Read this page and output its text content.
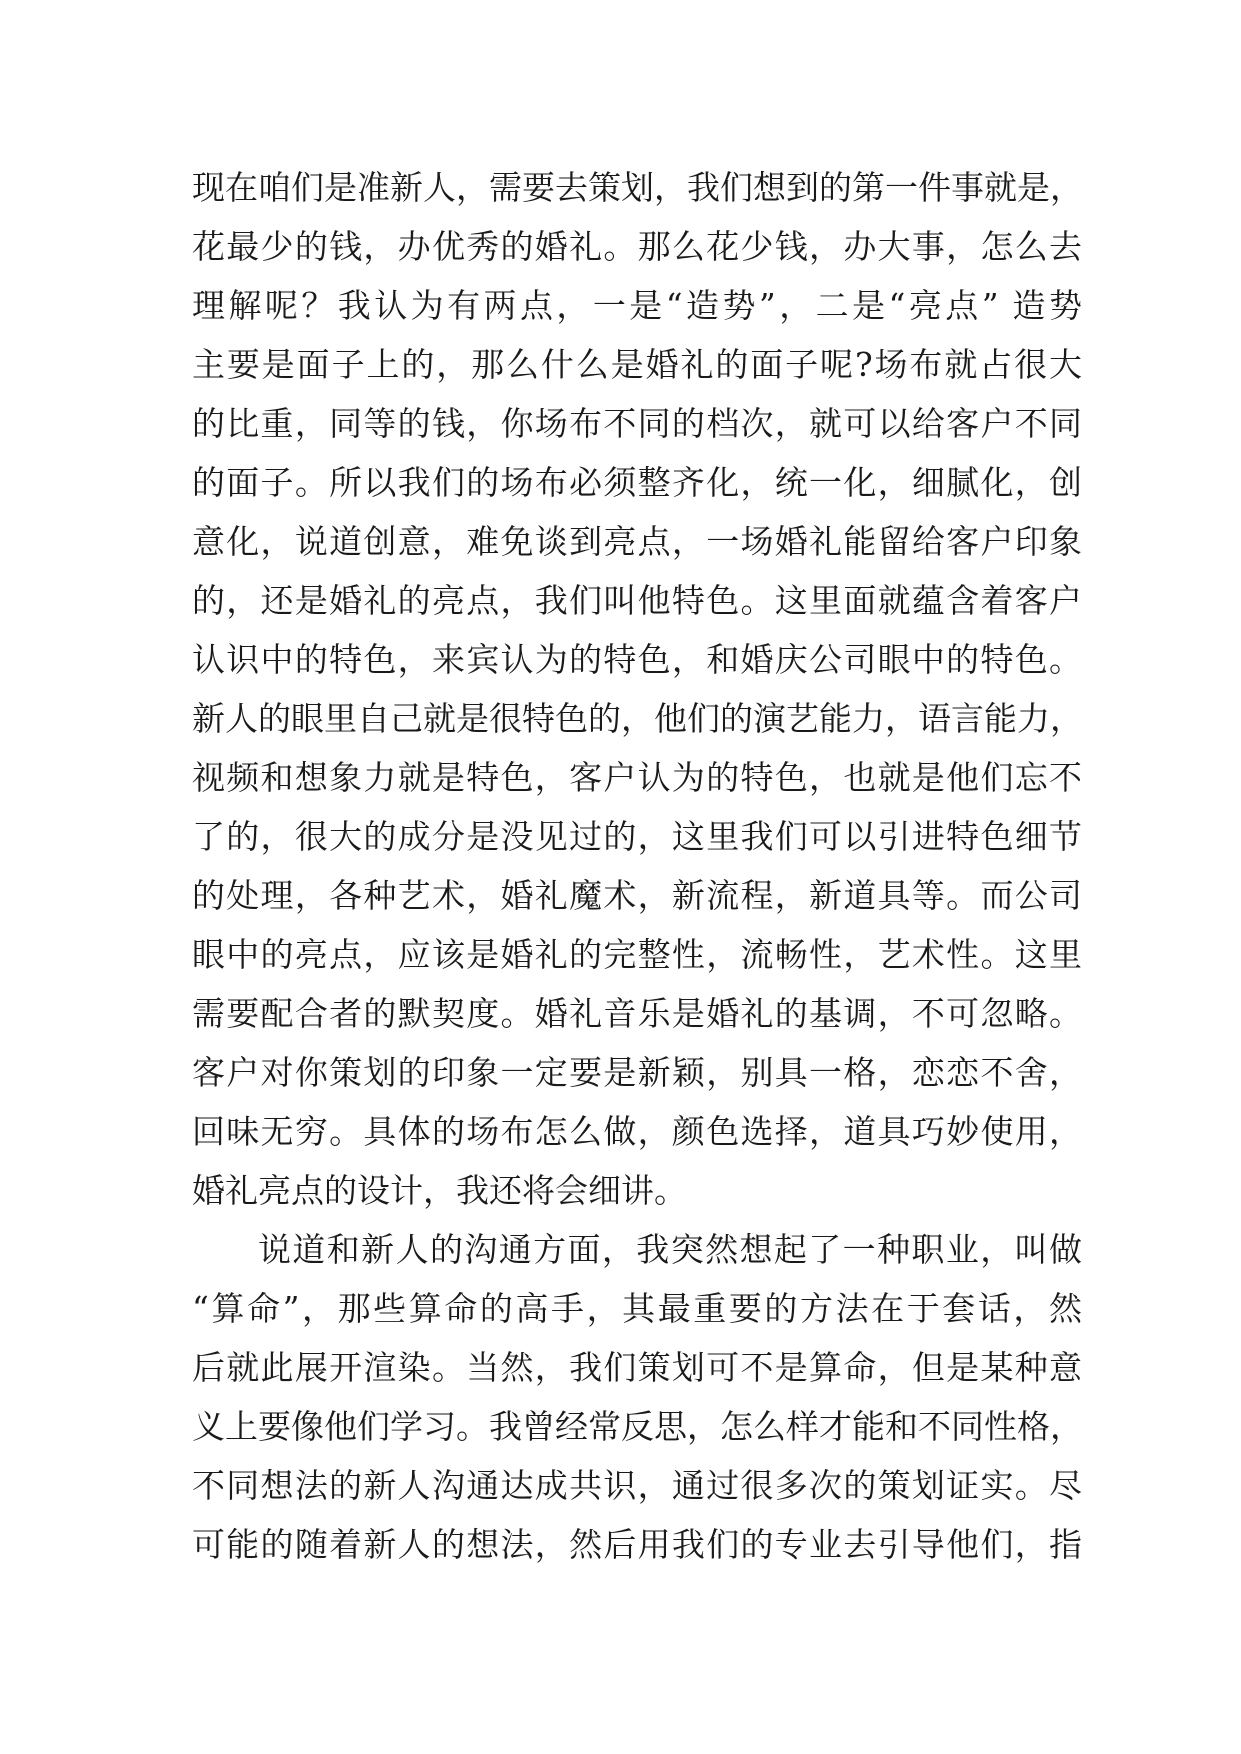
现在咱们是准新人，需要去策划，我们想到的第一件事就是，
花最少的钱，办优秀的婚礼。那么花少钱，办大事，怎么去
理解呢？我认为有两点，一是“造势”，二是“亮点” 造势
主要是面子上的，那么什么是婚礼的面子呢?场布就占很大
的比重，同等的钱，你场布不同的档次，就可以给客户不同
的面子。所以我们的场布必须整齐化，统一化，细腻化，创
意化，说道创意，难免谈到亮点，一场婚礼能留给客户印象
的，还是婚礼的亮点，我们叫他特色。这里面就蕴含着客户
认识中的特色，来宾认为的特色，和婚庆公司眼中的特色。
新人的眼里自己就是很特色的，他们的演艺能力，语言能力，
视频和想象力就是特色，客户认为的特色，也就是他们忘不
了的，很大的成分是没见过的，这里我们可以引进特色细节
的处理，各种艺术，婚礼魔术，新流程，新道具等。而公司
眼中的亮点，应该是婚礼的完整性，流畅性，艺术性。这里
需要配合者的默契度。婚礼音乐是婚礼的基调，不可忽略。
客户对你策划的印象一定要是新颖，别具一格，恋恋不舍，
回味无穷。具体的场布怎么做，颜色选择，道具巧妙使用，
婚礼亮点的设计，我还将会细讲。
说道和新人的沟通方面，我突然想起了一种职业，叫做
“算命”，那些算命的高手，其最重要的方法在于套话，然
后就此展开渲染。当然，我们策划可不是算命，但是某种意
义上要像他们学习。我曾经常反思，怎么样才能和不同性格，
不同想法的新人沟通达成共识，通过很多次的策划证实。尽
可能的随着新人的想法，然后用我们的专业去引导他们，指
